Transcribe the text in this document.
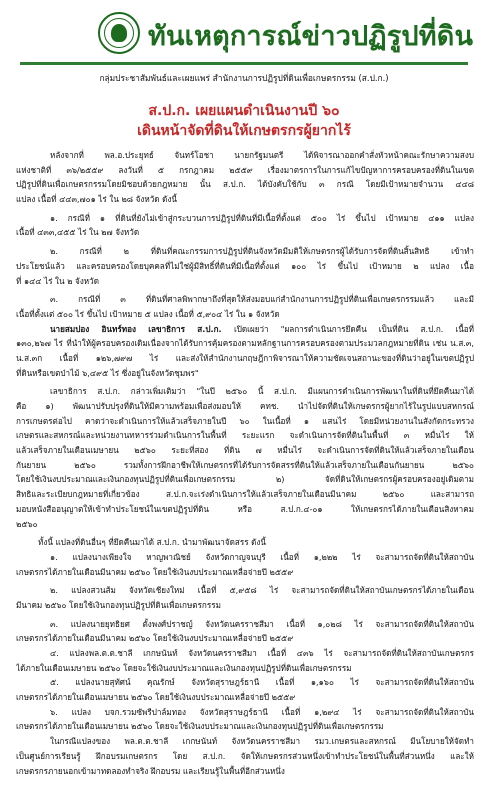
ทันเหตุการณ์ข่าวปฏิรูปที่ดิน
กลุ่มประชาสัมพันธ์และเผยแพร่ สำนักงานการปฏิรูปที่ดินเพื่อเกษตรกรรม (ส.ป.ก.)
ส.ป.ก. เผยแผนดำเนินงานปี ๖๐
เดินหน้าจัดที่ดินให้เกษตรกรผู้ยากไร้
หลังจากที่ พล.อ.ประยุทธ์ จันทร์โอชา นายกรัฐมนตรี ได้พิจารณาออกคำสั่งหัวหน้าคณะรักษาความสงบ
แห่งชาติที่ ๓๖/๒๕๕๙ ลงวันที่ ๕ กรกฎาคม ๒๕๕๙ เรื่องมาตรการในการแก้ไขปัญหาการครอบครองที่ดินในเขต
ปฏิรูปที่ดินเพื่อเกษตรกรรมโดยมิชอบด้วยกฎหมาย นั้น ส.ป.ก. ได้บังคับใช้กับ ๓ กรณี โดยมีเป้าหมายจำนวน ๔๔๘
แปลง เนื้อที่ ๔๔๓,๗๐๑ ไร่ ใน ๒๘ จังหวัด ดังนี้
๑. กรณีที่ ๑ ที่ดินที่ยังไม่เข้าสู่กระบวนการปฏิรูปที่ดินที่มีเนื้อที่ตั้งแต่ ๕๐๐ ไร่ ขึ้นไป เป้าหมาย ๔๑๑ แปลง
เนื้อที่ ๔๓๓,๔๕๕ ไร่ ใน ๒๗ จังหวัด
๒. กรณีที่ ๒ ที่ดินที่คณะกรรมการปฏิรูปที่ดินจังหวัดมีมติให้เกษตรกรผู้ได้รับการจัดที่ดินสิ้นสิทธิ เข้าทำ
ประโยชน์แล้ว และครอบครองโดยบุคคลที่ไม่ใช่ผู้มีสิทธิ์ที่ดินที่มีเนื้อที่ตั้งแต่ ๑๐๐ ไร่ ขึ้นไป เป้าหมาย ๒ แปลง เนื้อ
ที่ ๑๔๔ ไร่ ใน ๒ จังหวัด
๓. กรณีที่ ๓ ที่ดินที่ศาลพิพากษาถึงที่สุดให้ส่งมอบแก่สำนักงานการปฏิรูปที่ดินเพื่อเกษตรกรรมแล้ว และมี
เนื้อที่ตั้งแต่ ๕๐๐ ไร่ ขึ้นไป เป้าหมาย ๕ แปลง เนื้อที่ ๕,๙๐๔ ไร่ ใน ๑ จังหวัด
นายสมปอง อินทร์ทอง เลขาธิการ ส.ป.ก. เปิดเผยว่า "ผลการดำเนินการยึดคืน เป็นที่ดิน ส.ป.ก. เนื้อที่
๑๓๐,๒๖๗ ไร่ ที่นำให้ผู้ครอบครองเดิมเนื่องจากได้รับการคุ้มครองตามหลักฐานการครอบครองตามประมวลกฎหมายที่ดิน เช่น น.ส.๓,
น.ส.๓ก เนื้อที่ ๑๒๖,๗๙๗ ไร่ และส่งให้สำนักงานกฤษฎีกาพิจารณาให้ความชัดเจนสถานะของที่ดินว่าอยู่ในเขตปฏิรูป
ที่ดินหรือเขตป่าไม้ ๖,๔๙๕ ไร่ ซึ่งอยู่ในจังหวัดชุมพร"
เลขาธิการ ส.ป.ก. กล่าวเพิ่มเติมว่า "ในปี ๒๕๖๐ นี้ ส.ป.ก. มีแผนการดำเนินการพัฒนาในที่ดินที่ยึดคืนมาได้
คือ ๑) พัฒนาปรับปรุงที่ดินให้มีความพร้อมเพื่อส่งมอบให้ คทช. นำไปจัดที่ดินให้เกษตรกรผู้ยากไร้ในรูปแบบสหกรณ์
การเกษตรต่อไป คาดว่าจะดำเนินการให้แล้วเสร็จภายในปี ๖๐ ในเนื้อที่ ๑ แสนไร่ โดยมีหน่วยงานในสังกัดกระทรวง
เกษตรและสหกรณ์และหน่วยงานทหารร่วมดำเนินการในพื้นที่ ระยะแรก จะดำเนินการจัดที่ดินในพื้นที่ ๓ หมื่นไร่ ให้
แล้วเสร็จภายในเดือนเมษายน ๒๕๖๐ ระยะที่สอง ที่ดิน ๗ หมื่นไร่ จะดำเนินการจัดที่ดินให้แล้วเสร็จภายในเดือน
กันยายน ๒๕๖๐ รวมทั้งการฝึกอาชีพให้เกษตรกรที่ได้รับการจัดสรรที่ดินให้แล้วเสร็จภายในเดือนกันยายน ๒๕๖๐
โดยใช้เงินงบประมาณและเงินกองทุนปฏิรูปที่ดินเพื่อเกษตรกรรม ๒) จัดที่ดินให้เกษตรกรผู้ครอบครองอยู่เดิมตาม
สิทธิและระเบียบกฎหมายที่เกี่ยวข้อง ส.ป.ก.จะเร่งดำเนินการให้แล้วเสร็จภายในเดือนมีนาคม ๒๕๖๐ และสามารถ
มอบหนังสืออนุญาตให้เข้าทำประโยชน์ในเขตปฏิรูปที่ดิน หรือ ส.ป.ก.๔-๐๑ ให้เกษตรกรได้ภายในเดือนสิงหาคม
๒๕๖๐
ทั้งนี้ แปลงที่ดินอื่นๆ ที่ยึดคืนมาได้ ส.ป.ก. นำมาพัฒนาจัดสรร ดังนี้
๑. แปลงนางเพียงใจ หาญพาณิชย์ จังหวัดกาญจนบุรี เนื้อที่ ๑,๒๒๒ ไร่ จะสามารถจัดที่ดินให้สถาบัน
เกษตรกรได้ภายในเดือนมีนาคม ๒๕๖๐ โดยใช้เงินงบประมาณเหลื่อจ่ายปี ๒๕๕๙
๒. แปลงสวนส้ม จังหวัดเชียงใหม่ เนื้อที่ ๕,๙๕๘ ไร่ จะสามารถจัดที่ดินให้สถาบันเกษตรกรได้ภายในเดือน
มีนาคม ๒๕๖๐ โดยใช้เงินกองทุนปฏิรูปที่ดินเพื่อเกษตรกรรม
๓. แปลงนายยุทธิยศ ตั้งพงศ์ปราชญ์ จังหวัดนครราชสีมา เนื้อที่ ๑,๐๒๘ ไร่ จะสามารถจัดที่ดินให้สถาบัน
เกษตรกรได้ภายในเดือนมีนาคม ๒๕๖๐ โดยใช้เงินงบประมาณเหลื่อจ่ายปี ๒๕๕๙
๔. แปลงพล.ต.ต.ชาลี เกกษนันท์ จังหวัดนครราชสีมา เนื้อที่ ๔๓๖ ไร่ จะสามารถจัดที่ดินให้สถาบันเกษตรกร
ได้ภายในเดือนเมษายน ๒๕๖๐ โดยจะใช้เงินงบประมาณและเงินกองทุนปฏิรูปที่ดินเพื่อเกษตรกรรม
๕. แปลงนายสุทัศน์ คุณรักษ์ จังหวัดสุราษฎร์ธานี เนื้อที่ ๑,๑๖๐ ไร่ จะสามารถจัดที่ดินให้สถาบัน
เกษตรกรได้ภายในเดือนเมษายน ๒๕๖๐ โดยใช้เงินงบประมาณเหลื่อจ่ายปี ๒๕๕๙
๖. แปลง บจก.รวมซัพรีปาล์มทอง จังหวัดสุราษฎร์ธานี เนื้อที่ ๑,๒๙๔ ไร่ จะสามารถจัดที่ดินให้สถาบัน
เกษตรกรได้ภายในเดือนเมษายน ๒๕๖๐ โดยจะใช้เงินงบประมาณและเงินกองทุนปฏิรูปที่ดินเพื่อเกษตรกรรม
ในกรณีแปลงของ พล.ต.ต.ชาลี เกกษนันท์ จังหวัดนครราชสีมา รมว.เกษตรและสหกรณ์ มีนโยบายให้จัดทำ
เป็นศูนย์การเรียนรู้ ฝึกอบรมเกษตรกร โดย ส.ป.ก. จัดให้เกษตรกรส่วนหนึ่งเข้าทำประโยชน์ในพื้นที่ส่วนหนึ่ง และให้
เกษตรกรภายนอกเข้ามาทดลองทำจริง ฝึกอบรม และเรียนรู้ในพื้นที่อีกส่วนหนึ่ง
